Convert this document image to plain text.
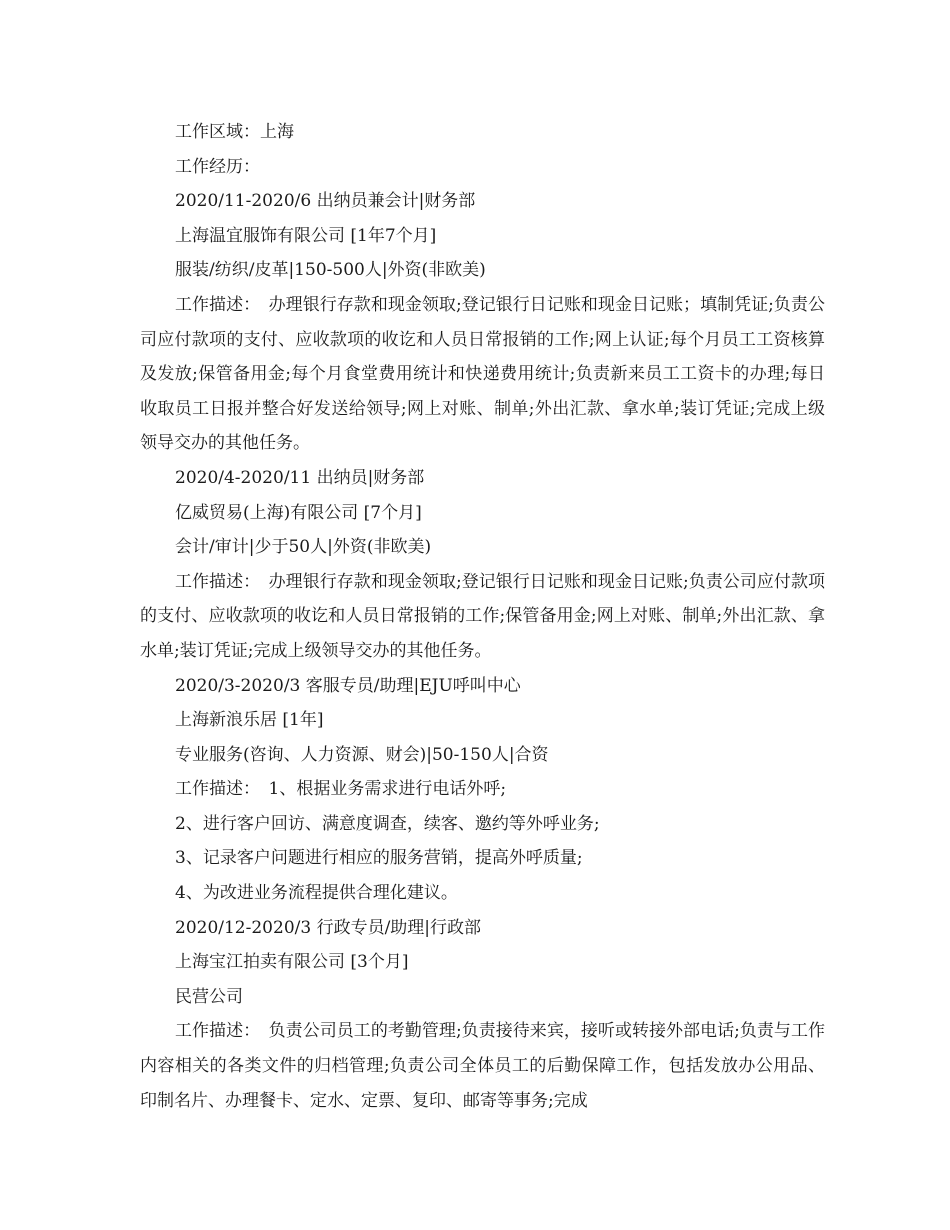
工作区域：上海

工作经历：

2020/11-2020/6 出纳员兼会计|财务部

上海温宜服饰有限公司 [1年7个月]

服装/纺织/皮革|150-500人|外资(非欧美)

工作描述：　办理银行存款和现金领取;登记银行日记账和现金日记账；填制凭证;负责公司应付款项的支付、应收款项的收讫和人员日常报销的工作;网上认证;每个月员工工资核算及发放;保管备用金;每个月食堂费用统计和快递费用统计;负责新来员工工资卡的办理;每日收取员工日报并整合好发送给领导;网上对账、制单;外出汇款、拿水单;装订凭证;完成上级领导交办的其他任务。

2020/4-2020/11 出纳员|财务部

亿威贸易(上海)有限公司 [7个月]

会计/审计|少于50人|外资(非欧美)

工作描述：　办理银行存款和现金领取;登记银行日记账和现金日记账;负责公司应付款项的支付、应收款项的收讫和人员日常报销的工作;保管备用金;网上对账、制单;外出汇款、拿水单;装订凭证;完成上级领导交办的其他任务。

2020/3-2020/3 客服专员/助理|EJU呼叫中心

上海新浪乐居 [1年]

专业服务(咨询、人力资源、财会)|50-150人|合资

工作描述：　1、根据业务需求进行电话外呼;

2、进行客户回访、满意度调查，续客、邀约等外呼业务;

3、记录客户问题进行相应的服务营销，提高外呼质量;

4、为改进业务流程提供合理化建议。

2020/12-2020/3 行政专员/助理|行政部

上海宝江拍卖有限公司 [3个月]

民营公司

工作描述：　负责公司员工的考勤管理;负责接待来宾，接听或转接外部电话;负责与工作内容相关的各类文件的归档管理;负责公司全体员工的后勤保障工作，包括发放办公用品、印制名片、办理餐卡、定水、定票、复印、邮寄等事务;完成
